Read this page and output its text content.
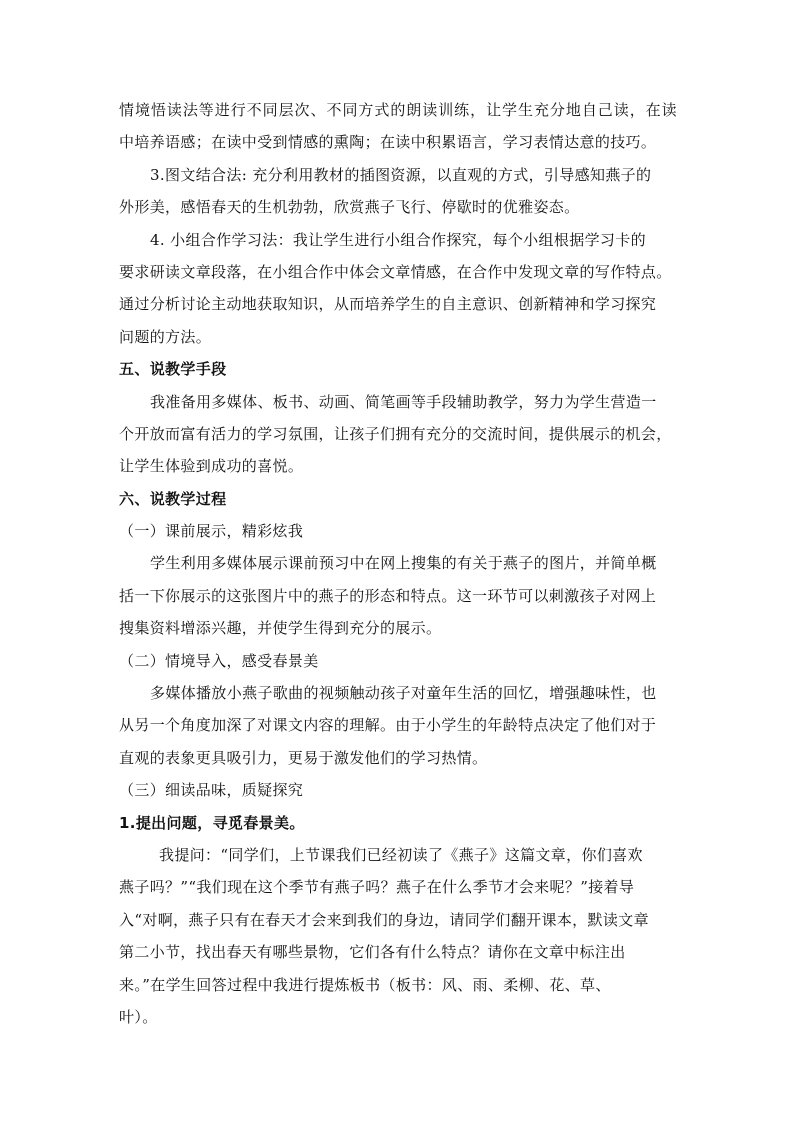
情境悟读法等进行不同层次、不同方式的朗读训练，让学生充分地自己读，在读
中培养语感；在读中受到情感的熏陶；在读中积累语言，学习表情达意的技巧。
3.图文结合法: 充分利用教材的插图资源，以直观的方式，引导感知燕子的
外形美，感悟春天的生机勃勃，欣赏燕子飞行、停歇时的优雅姿态。
4. 小组合作学习法：我让学生进行小组合作探究，每个小组根据学习卡的
要求研读文章段落，在小组合作中体会文章情感，在合作中发现文章的写作特点。
通过分析讨论主动地获取知识，从而培养学生的自主意识、创新精神和学习探究
问题的方法。
五、说教学手段
我准备用多媒体、板书、动画、简笔画等手段辅助教学，努力为学生营造一
个开放而富有活力的学习氛围，让孩子们拥有充分的交流时间，提供展示的机会，
让学生体验到成功的喜悦。
六、说教学过程
（一）课前展示，精彩炫我
学生利用多媒体展示课前预习中在网上搜集的有关于燕子的图片，并简单概
括一下你展示的这张图片中的燕子的形态和特点。这一环节可以刺激孩子对网上
搜集资料增添兴趣，并使学生得到充分的展示。
（二）情境导入，感受春景美
多媒体播放小燕子歌曲的视频触动孩子对童年生活的回忆，增强趣味性，也
从另一个角度加深了对课文内容的理解。由于小学生的年龄特点决定了他们对于
直观的表象更具吸引力，更易于激发他们的学习热情。
（三）细读品味，质疑探究
1.提出问题，寻觅春景美。
我提问：“同学们，上节课我们已经初读了《燕子》这篇文章，你们喜欢
燕子吗？”“我们现在这个季节有燕子吗？燕子在什么季节才会来呢？”接着导
入“对啊，燕子只有在春天才会来到我们的身边，请同学们翻开课本，默读文章
第二小节，找出春天有哪些景物，它们各有什么特点？请你在文章中标注出
来。”在学生回答过程中我进行提炼板书（板书：风、雨、柔柳、花、草、
叶）。
